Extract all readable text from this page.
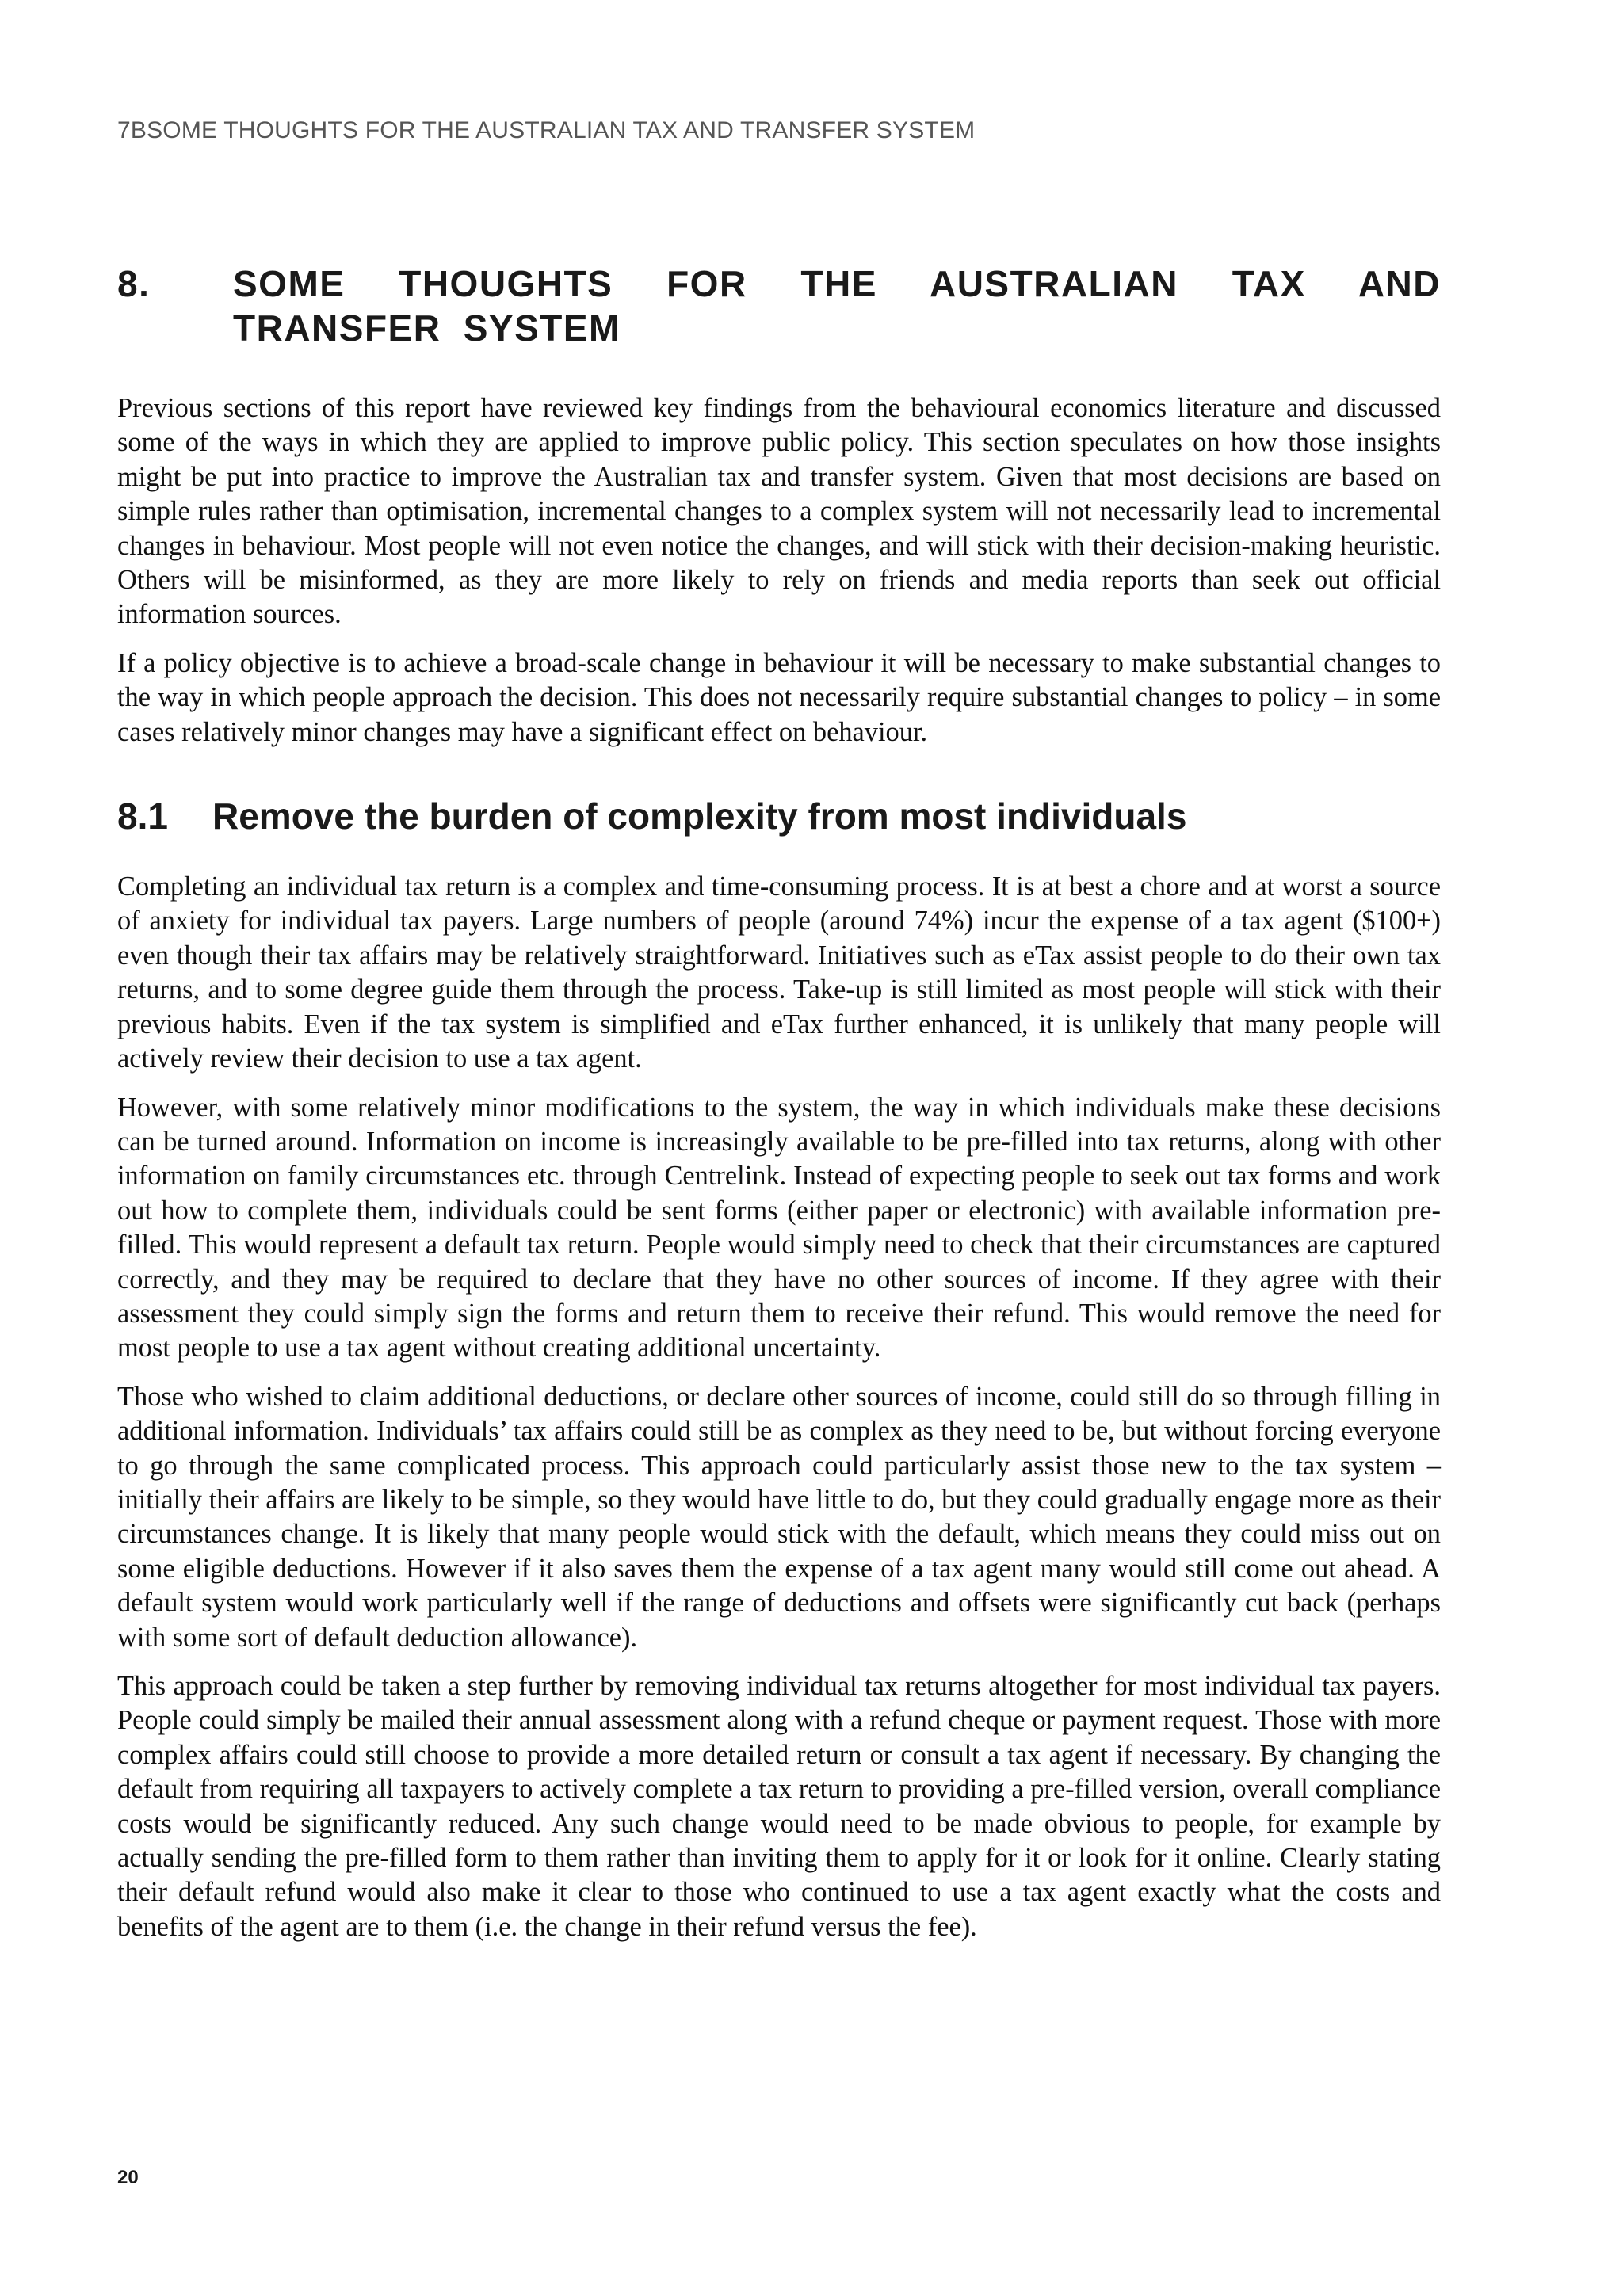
7BSOME THOUGHTS FOR THE AUSTRALIAN TAX AND TRANSFER SYSTEM
8.	SOME THOUGHTS FOR THE AUSTRALIAN TAX AND TRANSFER SYSTEM

Previous sections of this report have reviewed key findings from the behavioural economics literature and discussed some of the ways in which they are applied to improve public policy. This section speculates on how those insights might be put into practice to improve the Australian tax and transfer system. Given that most decisions are based on simple rules rather than optimisation, incremental changes to a complex system will not necessarily lead to incremental changes in behaviour. Most people will not even notice the changes, and will stick with their decision-making heuristic. Others will be misinformed, as they are more likely to rely on friends and media reports than seek out official information sources.

If a policy objective is to achieve a broad-scale change in behaviour it will be necessary to make substantial changes to the way in which people approach the decision. This does not necessarily require substantial changes to policy – in some cases relatively minor changes may have a significant effect on behaviour.

8.1	Remove the burden of complexity from most individuals

Completing an individual tax return is a complex and time-consuming process. It is at best a chore and at worst a source of anxiety for individual tax payers. Large numbers of people (around 74%) incur the expense of a tax agent ($100+) even though their tax affairs may be relatively straightforward. Initiatives such as eTax assist people to do their own tax returns, and to some degree guide them through the process. Take-up is still limited as most people will stick with their previous habits. Even if the tax system is simplified and eTax further enhanced, it is unlikely that many people will actively review their decision to use a tax agent.

However, with some relatively minor modifications to the system, the way in which individuals make these decisions can be turned around. Information on income is increasingly available to be pre-filled into tax returns, along with other information on family circumstances etc. through Centrelink. Instead of expecting people to seek out tax forms and work out how to complete them, individuals could be sent forms (either paper or electronic) with available information pre-filled. This would represent a default tax return. People would simply need to check that their circumstances are captured correctly, and they may be required to declare that they have no other sources of income. If they agree with their assessment they could simply sign the forms and return them to receive their refund. This would remove the need for most people to use a tax agent without creating additional uncertainty.

Those who wished to claim additional deductions, or declare other sources of income, could still do so through filling in additional information. Individuals’ tax affairs could still be as complex as they need to be, but without forcing everyone to go through the same complicated process. This approach could particularly assist those new to the tax system – initially their affairs are likely to be simple, so they would have little to do, but they could gradually engage more as their circumstances change. It is likely that many people would stick with the default, which means they could miss out on some eligible deductions. However if it also saves them the expense of a tax agent many would still come out ahead. A default system would work particularly well if the range of deductions and offsets were significantly cut back (perhaps with some sort of default deduction allowance).

This approach could be taken a step further by removing individual tax returns altogether for most individual tax payers. People could simply be mailed their annual assessment along with a refund cheque or payment request. Those with more complex affairs could still choose to provide a more detailed return or consult a tax agent if necessary. By changing the default from requiring all taxpayers to actively complete a tax return to providing a pre-filled version, overall compliance costs would be significantly reduced. Any such change would need to be made obvious to people, for example by actually sending the pre-filled form to them rather than inviting them to apply for it or look for it online. Clearly stating their default refund would also make it clear to those who continued to use a tax agent exactly what the costs and benefits of the agent are to them (i.e. the change in their refund versus the fee).

20
